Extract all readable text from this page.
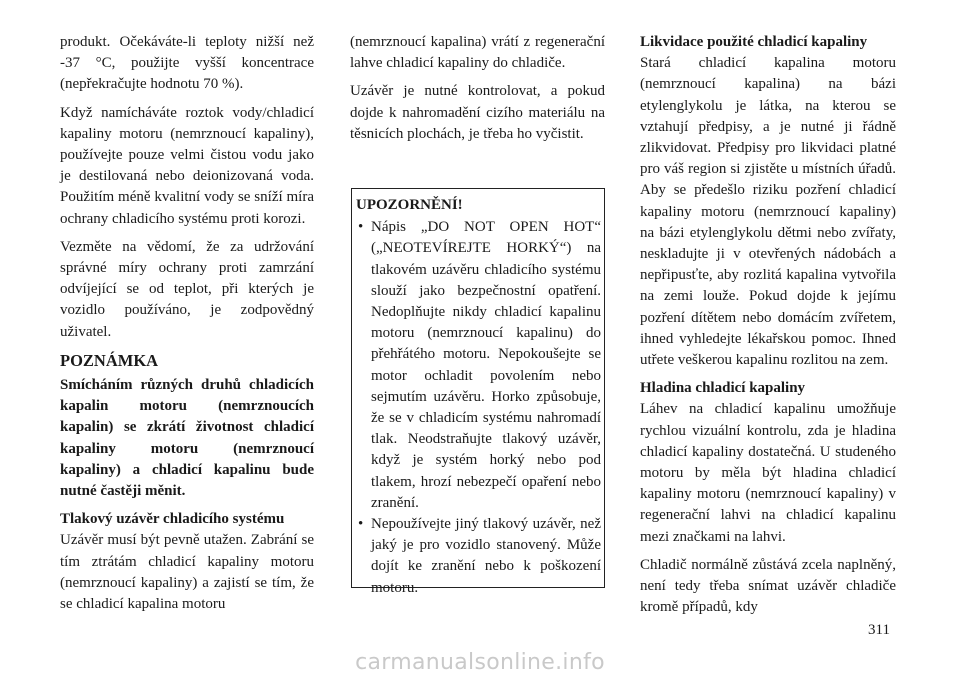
produkt. Očekáváte-li teploty nižší než -37 °C, použijte vyšší koncentrace (nepřekračujte hodnotu 70 %).

Když namícháváte roztok vody/chladicí kapaliny motoru (nemrznoucí kapaliny), používejte pouze velmi čistou vodu jako je destilovaná nebo deionizovaná voda. Použitím méně kvalitní vody se sníží míra ochrany chladicího systému proti korozi.

Vezměte na vědomí, že za udržování správné míry ochrany proti zamrzání odvíjející se od teplot, při kterých je vozidlo používáno, je zodpovědný uživatel.

POZNÁMKA

Smícháním různých druhů chladicích kapalin motoru (nemrznoucích kapalin) se zkrátí životnost chladicí kapaliny motoru (nemrznoucí kapaliny) a chladicí kapalinu bude nutné častěji měnit.

Tlakový uzávěr chladicího systému

Uzávěr musí být pevně utažen. Zabrání se tím ztrátám chladicí kapaliny motoru (nemrznoucí kapaliny) a zajistí se tím, že se chladicí kapalina motoru

(nemrznoucí kapalina) vrátí z regenerační lahve chladicí kapaliny do chladiče.

Uzávěr je nutné kontrolovat, a pokud dojde k nahromadění cizího materiálu na těsnicích plochách, je třeba ho vyčistit.

UPOZORNĚNÍ!
• Nápis „DO NOT OPEN HOT“ („NEOTEVÍREJTE HORKÝ“) na tlakovém uzávěru chladicího systému slouží jako bezpečnostní opatření. Nedoplňujte nikdy chladicí kapalinu motoru (nemrznoucí kapalinu) do přehřátého motoru. Nepokoušejte se motor ochladit povolením nebo sejmutím uzávěru. Horko způsobuje, že se v chladicím systému nahromadí tlak. Neodstraňujte tlakový uzávěr, když je systém horký nebo pod tlakem, hrozí nebezpečí opaření nebo zranění.
• Nepoužívejte jiný tlakový uzávěr, než jaký je pro vozidlo stanovený. Může dojít ke zranění nebo k poškození motoru.
Likvidace použité chladicí kapaliny

Stará chladicí kapalina motoru (nemrznoucí kapalina) na bázi etylenglykolu je látka, na kterou se vztahují předpisy, a je nutné ji řádně zlikvidovat. Předpisy pro likvidaci platné pro váš region si zjistěte u místních úřadů. Aby se předešlo riziku pozření chladicí kapaliny motoru (nemrznoucí kapaliny) na bázi etylenglykolu dětmi nebo zvířaty, neskladujte ji v otevřených nádobách a nepřipusťte, aby rozlitá kapalina vytvořila na zemi louže. Pokud dojde k jejímu pozření dítětem nebo domácím zvířetem, ihned vyhledejte lékařskou pomoc. Ihned utřete veškerou kapalinu rozlitou na zem.

Hladina chladicí kapaliny

Láhev na chladicí kapalinu umožňuje rychlou vizuální kontrolu, zda je hladina chladicí kapaliny dostatečná. U studeného motoru by měla být hladina chladicí kapaliny motoru (nemrznoucí kapaliny) v regenerační lahvi na chladicí kapalinu mezi značkami na lahvi.

Chladič normálně zůstává zcela naplněný, není tedy třeba snímat uzávěr chladiče kromě případů, kdy

311
carmanualsonline.info
